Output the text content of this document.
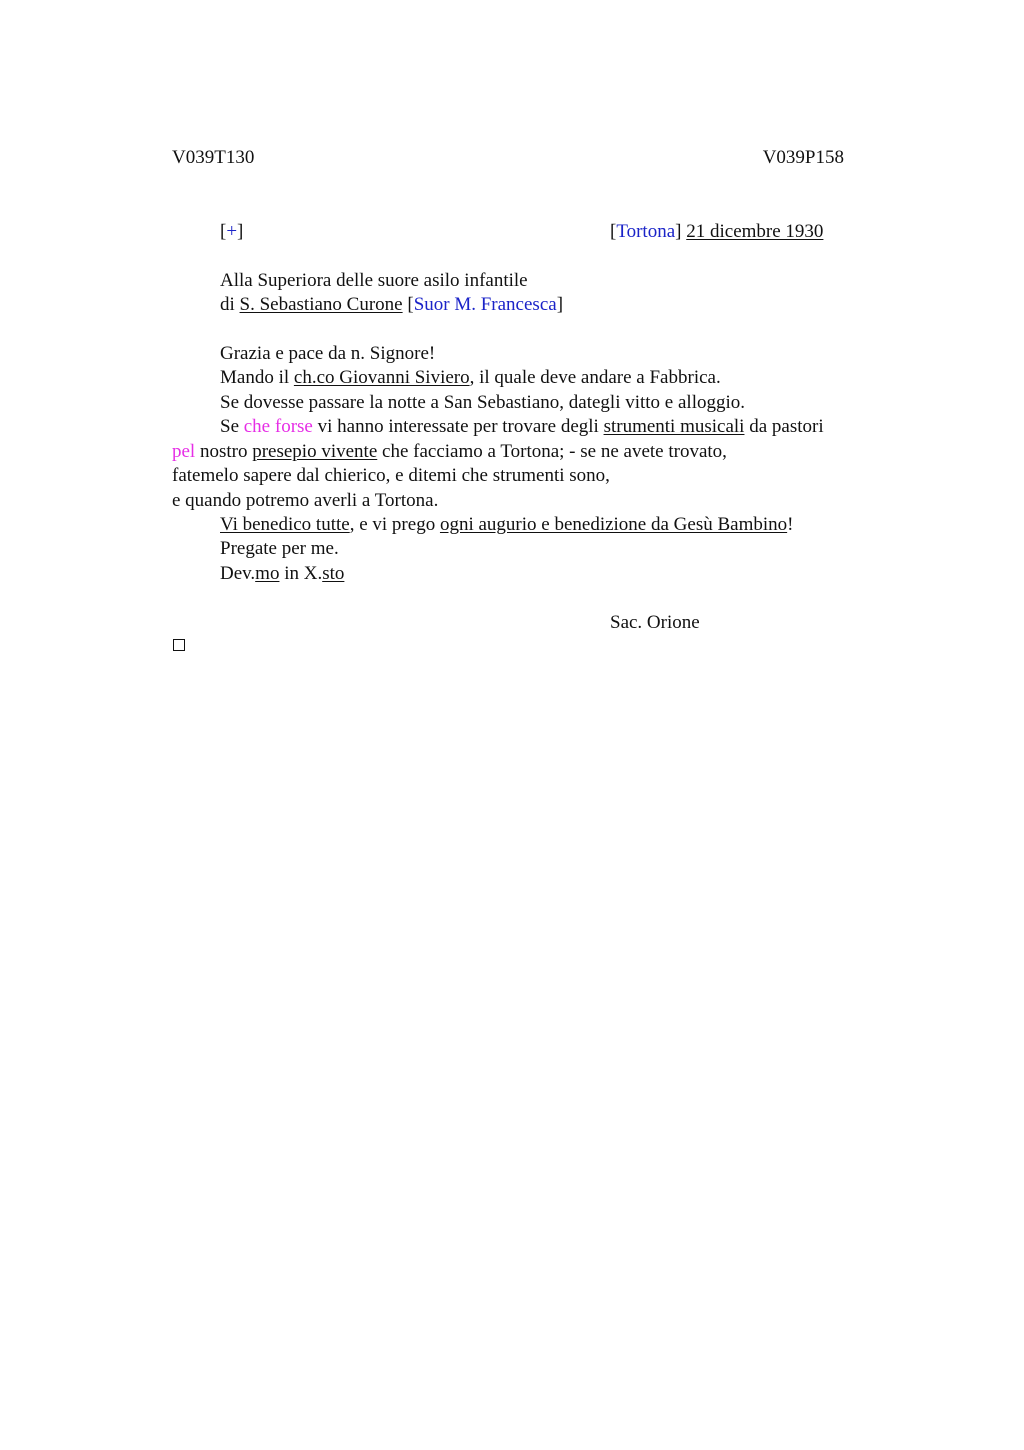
V039T130	V039P158
[+]	[Tortona] 21 dicembre 1930
Alla Superiora delle suore asilo infantile
di S. Sebastiano Curone [Suor M. Francesca]
Grazia e pace da n. Signore!
Mando il ch.co Giovanni Siviero, il quale deve andare a Fabbrica.
Se dovesse passare la notte a San Sebastiano, dategli vitto e alloggio.
Se che forse vi hanno interessate per trovare degli strumenti musicali da pastori
pel nostro presepio vivente che facciamo a Tortona; - se ne avete trovato,
fatemelo sapere dal chierico, e ditemi che strumenti sono,
e quando potremo averli a Tortona.
Vi benedico tutte, e vi prego ogni augurio e benedizione da Gesù Bambino!
Pregate per me.
Dev.mo in X.sto
Sac. Orione
